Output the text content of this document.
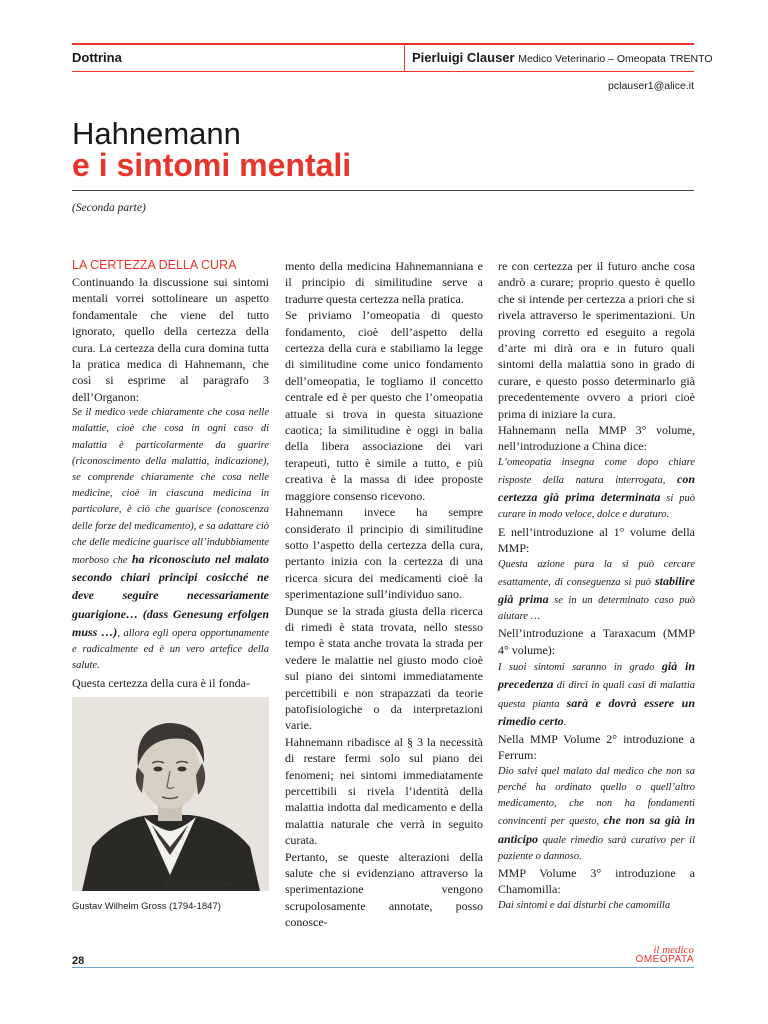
Dottrina	Pierluigi Clauser Medico Veterinario – Omeopata TRENTO
pclauser1@alice.it
Hahnemann
e i sintomi mentali
(Seconda parte)
LA CERTEZZA DELLA CURA

Continuando la discussione sui sintomi mentali vorrei sottolineare un aspetto fondamentale che viene del tutto ignorato, quello della certezza della cura. La certezza della cura domina tutta la pratica medica di Hahnemann, che così si esprime al paragrafo 3 dell’Organon:

Se il medico vede chiaramente che cosa nelle malattie, cioè che cosa in ogni caso di malattia è particolarmente da guarire (riconoscimento della malattia, indicazione), se comprende chiaramente che cosa nelle medicine, cioè in ciascuna medicina in particolare, è ciò che guarisce (conoscenza delle forze del medicamento), e sa adattare ciò che delle medicine guarisce all’indubbiamente morboso che ha riconosciuto nel malato secondo chiari principi cosicché ne deve seguire necessariamente guarigione… (dass Genesung erfolgen muss …), allora egli opera opportunamente e radicalmente ed è un vero artefice della salute.

Questa certezza della cura è il fonda-

DR. GUSTAV W. Gross
Gustav Wilhelm Gross (1794-1847)

mento della medicina Hahnemanniana e il principio di similitudine serve a tradurre questa certezza nella pratica.

Se priviamo l’omeopatia di questo fondamento, cioè dell’aspetto della certezza della cura e stabiliamo la legge di similitudine come unico fondamento dell’omeopatia, le togliamo il concetto centrale ed è per questo che l’omeopatia attuale si trova in questa situazione caotica; la similitudine è oggi in balia della libera associazione dei vari terapeuti, tutto è simile a tutto, e più creativa è la massa di idee proposte maggiore consenso ricevono.

Hahnemann invece ha sempre considerato il principio di similitudine sotto l’aspetto della certezza della cura, pertanto inizia con la certezza di una ricerca sicura dei medicamenti cioè la sperimentazione sull’individuo sano.

Dunque se la strada giusta della ricerca di rimedi è stata trovata, nello stesso tempo è stata anche trovata la strada per vedere le malattie nel giusto modo cioè sul piano dei sintomi immediatamente percettibili e non strapazzati da teorie patofisiologiche o da interpretazioni varie.

Hahnemann ribadisce al § 3 la necessità di restare fermi solo sul piano dei fenomeni; nei sintomi immediatamente percettibili si rivela l’identità della malattia indotta dal medicamento e della malattia naturale che verrà in seguito curata.

Pertanto, se queste alterazioni della salute che si evidenziano attraverso la sperimentazione vengono scrupolosamente annotate, posso conosce-

re con certezza per il futuro anche cosa andrò a curare; proprio questo è quello che si intende per certezza a priori che si rivela attraverso le sperimentazioni. Un proving corretto ed eseguito a regola d’arte mi dirà ora e in futuro quali sintomi della malattia sono in grado di curare, e questo posso determinarlo già precedentemente ovvero a priori cioè prima di iniziare la cura.

Hahnemann nella MMP 3° volume, nell’introduzione a China dice:

L’omeopatia insegna come dopo chiare risposte della natura interrogata, con certezza già prima determinata si può curare in modo veloce, dolce e duraturo.

E nell’introduzione al 1° volume della MMP:

Questa azione pura la si può cercare esattamente, di conseguenza si può stabilire già prima se in un determinato caso può aiutare …

Nell’introduzione a Taraxacum (MMP 4° volume):

I suoi sintomi saranno in grado già in precedenza di dirci in quali casi di malattia questa pianta sarà e dovrà essere un rimedio certo.

Nella MMP Volume 2° introduzione a Ferrum:

Dio salvi quel malato dal medico che non sa perché ha ordinato quello o quell’altro medicamento, che non ha fondamenti convincenti per questo, che non sa già in anticipo quale rimedio sarà curativo per il paziente o dannoso.

MMP Volume 3° introduzione a Chamomilla:

Dai sintomi e dai disturbi che camomilla

28
il medico
OMEOPATA
